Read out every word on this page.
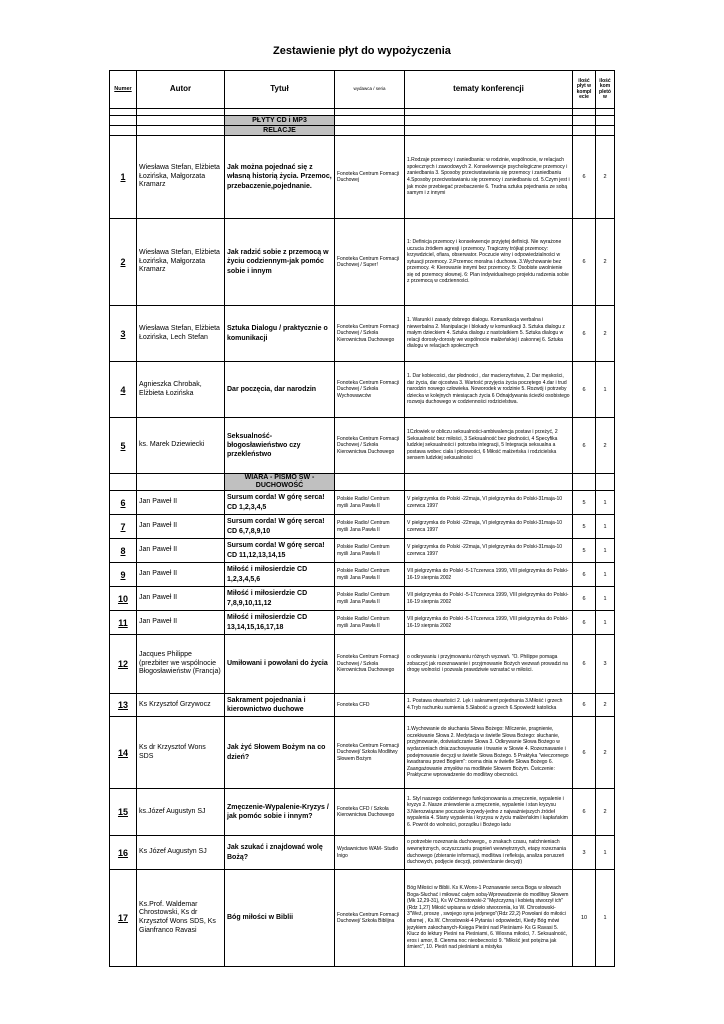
Zestawienie płyt do wypożyczenia
Numer	Autor	Tytuł	wydawca / seria	tematy konferencji	ilość płyt w kompl ecie	ilość kom pletó w

		PŁYTY CD i MP3				
		RELACJE				
1	Wiesława Stefan, Elżbieta Łozińska, Małgorzata Kramarz	Jak można pojednać się z własną historią życia. Przemoc, przebaczenie,pojednanie.	Fonoteka Centrum Formacji Duchowej	1.Rodzaje przemocy i zaniedbania: w rodzinie, wspólnocie, w relacjach społecznych i zawodowych 2. Konsekwencje psychologiczne przemocy i zaniedbania 3. Sposoby przeciwstawiania się przemocy i zaniedbaniu 4.Sposoby przeciwstawianiu się przemocy i zaniedbaniu cd. 5.Czym jest i jak może przebiegać przebaczenie 6. Trudna sztuka pojednania ze sobą samym i z innymi	6	2
2	Wiesława Stefan, Elżbieta Łozińska, Małgorzata Kramarz	Jak radzić sobie z przemocą w życiu codziennym-jak pomóc sobie i innym	Fonoteka Centrum Formacji Duchowej / Super!	1: Definicja przemocy i konsekwencje przyjętej definicji. Nie wyrażone uczucia źródłem agresji i przemocy. Tragiczny trójkąt przemocy: krzywdziciel, ofiara, obserwator. Poczucie winy i odpowiedzialności w sytuacji przemocy. 2.Przemoc moralna i duchowa. 3.Wychowanie bez przemocy. 4: Kierowanie innymi bez przemocy. 5: Osobiste uwolnienie się od przemocy słownej. 6: Plan indywidualnego projektu radzenia sobie z przemocą w codzienności.	6	2
3	Wiesława Stefan, Elżbieta Łozińska, Lech Stefan	Sztuka Dialogu / praktycznie o komunikacji	Fonoteka Centrum Formacji Duchowej / Szkoła Kierownictwa Duchowego	1. Warunki i zasady dobrego dialogu. Komunikacja werbalna i niewerbalna 2. Manipulacje i blokady w komunikacji 3. Sztuka dialogu z małym dzieckiem 4. Sztuka dialogu z nastolatkiem 5. Sztuka dialogu w relacji dorosły-dorosły we wspólnocie małżeńskiej i zakonnej 6. Sztuka dialogu w relacjach społecznych	6	2
4	Agnieszka Chrobak, Elżbieta Łozińska	Dar poczęcia, dar narodzin	Fonoteka Centrum Formacji Duchowej / Szkoła Wychowawców	1. Dar kobiecości, dar płodności , dar macierzyństwa, 2. Dar męskości, dar życia, dar ojcostwa 3. Wartość przyjęcia życia poczętego 4.dar i trud narodzin nowego człowieka. Noworodek w rodzinie 5. Rozwój i potrzeby dziecka w kolejnych miesiącach życia 6 Odnajdywania ścieżki osobistego rozwoju duchowego w codzienności rodzicielstwa.	6	1
5	ks. Marek Dziewiecki	Seksualność- błogosławieństwo czy przekleństwo	Fonoteka Centrum Formacji Duchowej / Szkoła Kierownictwa Duchowego	1Człowiek w obliczu seksualności-ambiwalencja postaw i przeżyć, 2 Seksualność bez miłości, 3 Seksualność bez płodności, 4 Specyfika ludzkiej seksualności i potrzeba integracji, 5 Integracja seksualna a postawa wobec ciała i płciowości, 6 Miłość małżeńska i rodzicielska sensem ludzkiej seksualności	6	2
		WIARA - PISMO ŚW - DUCHOWOŚĆ				
6	Jan Paweł II	Sursum corda! W górę serca! CD 1,2,3,4,5	Polskie Radio/ Centrum myśli Jana Pawła II	V pielgrzymka do Polski -22maja, VI pielgrzymka do Polski-31maja-10 czerwca 1997	5	1
7	Jan Paweł II	Sursum corda! W górę serca! CD 6,7,8,9,10	Polskie Radio/ Centrum myśli Jana Pawła II	V pielgrzymka do Polski -22maja, VI pielgrzymka do Polski-31maja-10 czerwca 1997	5	1
8	Jan Paweł II	Sursum corda! W górę serca! CD 11,12,13,14,15	Polskie Radio/ Centrum myśli Jana Pawła II	V pielgrzymka do Polski -22maja, VI pielgrzymka do Polski-31maja-10 czerwca 1997	5	1
9	Jan Paweł II	Miłość i miłosierdzie CD 1,2,3,4,5,6	Polskie Radio/ Centrum myśli Jana Pawła II	VII pielgrzymka do Polski -5-17czerwca 1999, VIII pielgrzymka do Polski-16-19 sierpnia 2002	6	1
10	Jan Paweł II	Miłość i miłosierdzie CD 7,8,9,10,11,12	Polskie Radio/ Centrum myśli Jana Pawła II	VII pielgrzymka do Polski -5-17czerwca 1999, VIII pielgrzymka do Polski-16-19 sierpnia 2002	6	1
11	Jan Paweł II	Miłość i miłosierdzie CD 13,14,15,16,17,18	Polskie Radio/ Centrum myśli Jana Pawła II	VII pielgrzymka do Polski -5-17czerwca 1999, VIII pielgrzymka do Polski-16-19 sierpnia 2002	6	1
12	Jacques Philippe (prezbiter we wspólnocie Błogosławieństw (Francja)	Umiłowani i powołani do życia	Fonoteka Centrum Formacji Duchowej / Szkoła Kierownictwa Duchowego	o odkrywaniu i przyjmowaniu różnych wyzwań. "O. Philippe pomaga zobaczyć jak rozeznawanie i przyjmowanie Bożych wezwań prowadzi na drogę wolności i pozwala prawdziwie wzrastać w miłości.	6	3
13	Ks Krzysztof Grzywocz	Sakrament pojednania i kierownictwo duchowe	Fonoteka CFD	1. Postawa otwartości 2. Lęk i sakrament pojednania 3.Miłość i grzech 4.Tryb rachunku sumienia 5.Słabość a grzech 6.Spowiedź katolicka	6	2
14	Ks dr Krzysztof Wons SDS	Jak żyć Słowem Bożym na co dzień?	Fonoteka Centrum Formacji Duchowej/ Szkoła Modlitwy Słowem Bożym	1.Wychowanie do słuchania Słowa Bożego: Milczenie, pragnienie, oczekiwanie Słowa 2. Medytacja w świetle Słowa Bożego: słuchanie, przyjmowanie, doświadczanie Słowa 3. Odkrywanie Słowa Bożego w wydarzeniach dnia:zachowywanie i trwanie w Słowie 4. Rozeznawanie i podejmowanie decyzji w świetle Słowa Bożego. 5 Praktyka "wieczornego kwadransu przed Bogiem": ocena dnia w świetle Słowa Bożego 6. Zaangażowanie zmysłów na modlitwie Słowem Bożym. Ćwiczenie: Praktyczne wprowadzenie do modlitwy obecności.	6	2
15	ks.Józef Augustyn SJ	Zmęczenie-Wypalenie-Kryzys / jak pomóc sobie i innym?	Fonoteka CFD / Szkoła Kierownictwa Duchowego	1. Styl naszego codziennego funkcjonowania a zmęczenie, wypalenie i kryzys 2. Nasze zniewolenie a zmęczenie, wypalenie i stan kryzysu 3.Nierozwiązane poczucie krzywdy-jedno z najważniejszych źródeł wypalenia 4. Stany wypalenia i kryzysu w życiu małżeńskim i kapłańskim 6. Powrót do wolności, porządku i Bożego ładu	6	2
16	Ks Józef Augustyn SJ	Jak szukać i znajdować wolę Bożą?	Wydawnictwo WAM- Studio Inigo	o potrzebie rozeznania duchowego,, o znakach czasu, natchnieniach wewnętrznych, oczyszczaniu pragnień wewnętrznych, etapy rozeznania duchowego (zbieranie informacji, modlitwa i refleksja, analiza poruszeń duchowych, podjęcie decyzji, potwierdzanie decyzji)	3	1
17	Ks.Prof. Waldemar Chrostowski, Ks dr Krzysztof Wons SDS, Ks Gianfranco Ravasi	Bóg miłości w Biblii	Fonoteka Centrum Formacji Duchowej/ Szkoła Biblijna	Bóg Miłości w Biblii. Ks K.Wons-1 Poznawanie serca Boga w słowach Boga-Słuchać i miłować całym sobą-Wprowadzenie do modlitwy Słowem (Mk 12,29-31), Ks W Chrostowski-2 "Mężczyzną i kobietą stworzył ich" (Rdz 1,27) Miłość wpisana w dzieło stworzenia, ks W. Chrostowski-3"Weź, proszę , swojego syna jedynego"(Rdz 22,2) Powołani do miłości ofiarnej , Ks.W. Chrostowski-4 Pytania i odpowiedzi, Kiedy Bóg mówi językiem zakochanych-Księga Pieśni nad Pieśniami- Ks G Ravasi 5. Klucz do lektury Pieśni na Pieśniami, 6. Wiosna miłości, 7. Seksualność, eros i amor, 8. Cienma noc nieobecności 9. "Miłość jest potężna jak śmierć", 10. Pieśń nad pieśniami a mistyka	10	1
